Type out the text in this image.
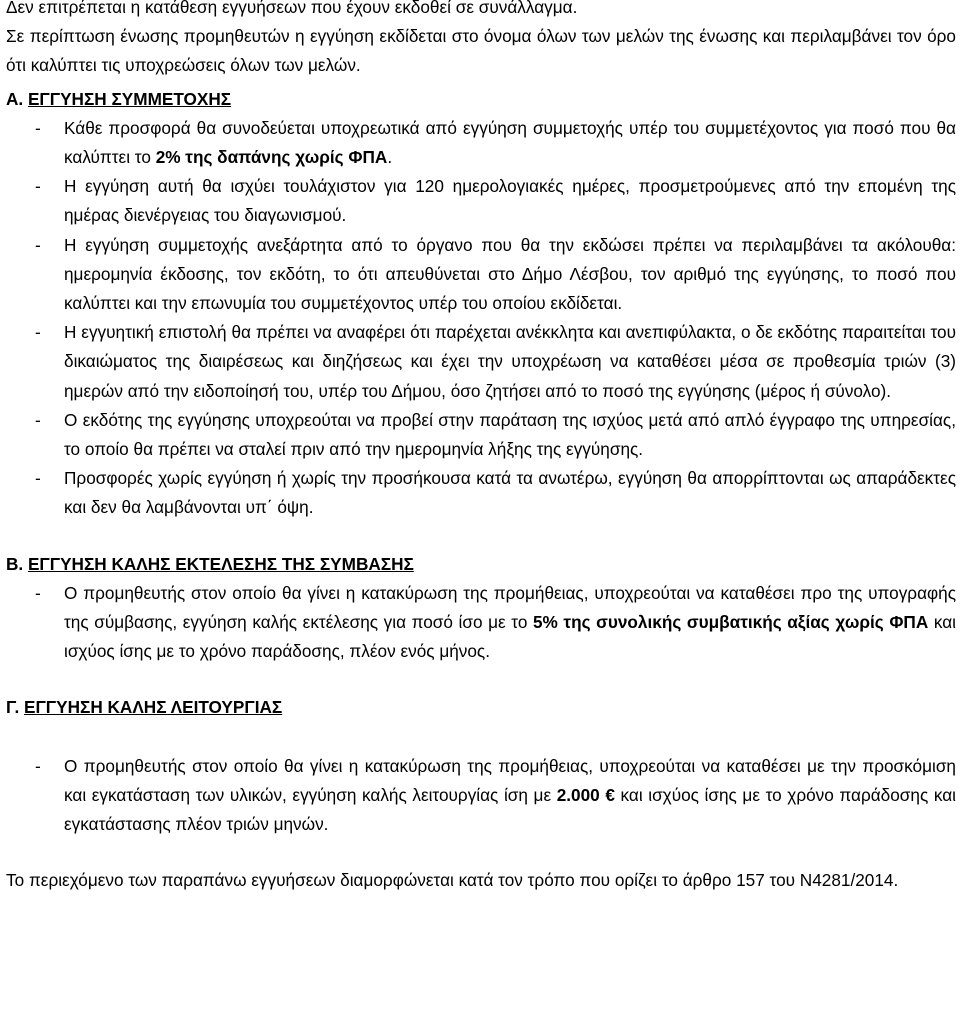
Δεν επιτρέπεται η κατάθεση εγγυήσεων που έχουν εκδοθεί σε συνάλλαγμα.

Σε περίπτωση ένωσης προμηθευτών η εγγύηση εκδίδεται στο όνομα όλων των μελών της ένωσης και περιλαμβάνει τον όρο ότι καλύπτει τις υποχρεώσεις όλων των μελών.

Α. ΕΓΓΥΗΣΗ ΣΥΜΜΕΤΟΧΗΣ

- Κάθε προσφορά θα συνοδεύεται υποχρεωτικά από εγγύηση συμμετοχής υπέρ του συμμετέχοντος για ποσό που θα καλύπτει το 2% της δαπάνης χωρίς ΦΠΑ.
- Η εγγύηση αυτή θα ισχύει τουλάχιστον για 120 ημερολογιακές ημέρες, προσμετρούμενες από την επομένη της ημέρας διενέργειας του διαγωνισμού.
- Η εγγύηση συμμετοχής ανεξάρτητα από το όργανο που θα την εκδώσει πρέπει να περιλαμβάνει τα ακόλουθα: ημερομηνία έκδοσης, τον εκδότη, το ότι απευθύνεται στο Δήμο Λέσβου, τον αριθμό της εγγύησης, το ποσό που καλύπτει και την επωνυμία του συμμετέχοντος υπέρ του οποίου εκδίδεται.
- Η εγγυητική επιστολή θα πρέπει να αναφέρει ότι παρέχεται ανέκκλητα και ανεπιφύλακτα, ο δε εκδότης παραιτείται του δικαιώματος της διαιρέσεως και διηζήσεως και έχει την υποχρέωση να καταθέσει μέσα σε προθεσμία τριών (3) ημερών από την ειδοποίησή του, υπέρ του Δήμου, όσο ζητήσει από το ποσό της εγγύησης (μέρος ή σύνολο).
- Ο εκδότης της εγγύησης υποχρεούται να προβεί στην παράταση της ισχύος μετά από απλό έγγραφο της υπηρεσίας, το οποίο θα πρέπει να σταλεί πριν από την ημερομηνία λήξης της εγγύησης.
- Προσφορές χωρίς εγγύηση ή χωρίς την προσήκουσα κατά τα ανωτέρω, εγγύηση θα απορρίπτονται ως απαράδεκτες και δεν θα λαμβάνονται υπ΄ όψη.

Β. ΕΓΓΥΗΣΗ ΚΑΛΗΣ ΕΚΤΕΛΕΣΗΣ ΤΗΣ ΣΥΜΒΑΣΗΣ

- Ο προμηθευτής στον οποίο θα γίνει η κατακύρωση της προμήθειας, υποχρεούται να καταθέσει προ της υπογραφής της σύμβασης, εγγύηση καλής εκτέλεσης για ποσό ίσο με το 5% της συνολικής συμβατικής αξίας χωρίς ΦΠΑ και ισχύος ίσης με το χρόνο παράδοσης, πλέον ενός μήνος.

Γ. ΕΓΓΥΗΣΗ ΚΑΛΗΣ ΛΕΙΤΟΥΡΓΙΑΣ

- Ο προμηθευτής στον οποίο θα γίνει η κατακύρωση της προμήθειας, υποχρεούται να καταθέσει με την προσκόμιση και εγκατάσταση των υλικών, εγγύηση καλής λειτουργίας ίση με 2.000 € και ισχύος ίσης με το χρόνο παράδοσης και εγκατάστασης πλέον τριών μηνών.

Το περιεχόμενο των παραπάνω εγγυήσεων διαμορφώνεται κατά τον τρόπο που ορίζει το άρθρο 157 του Ν4281/2014.
